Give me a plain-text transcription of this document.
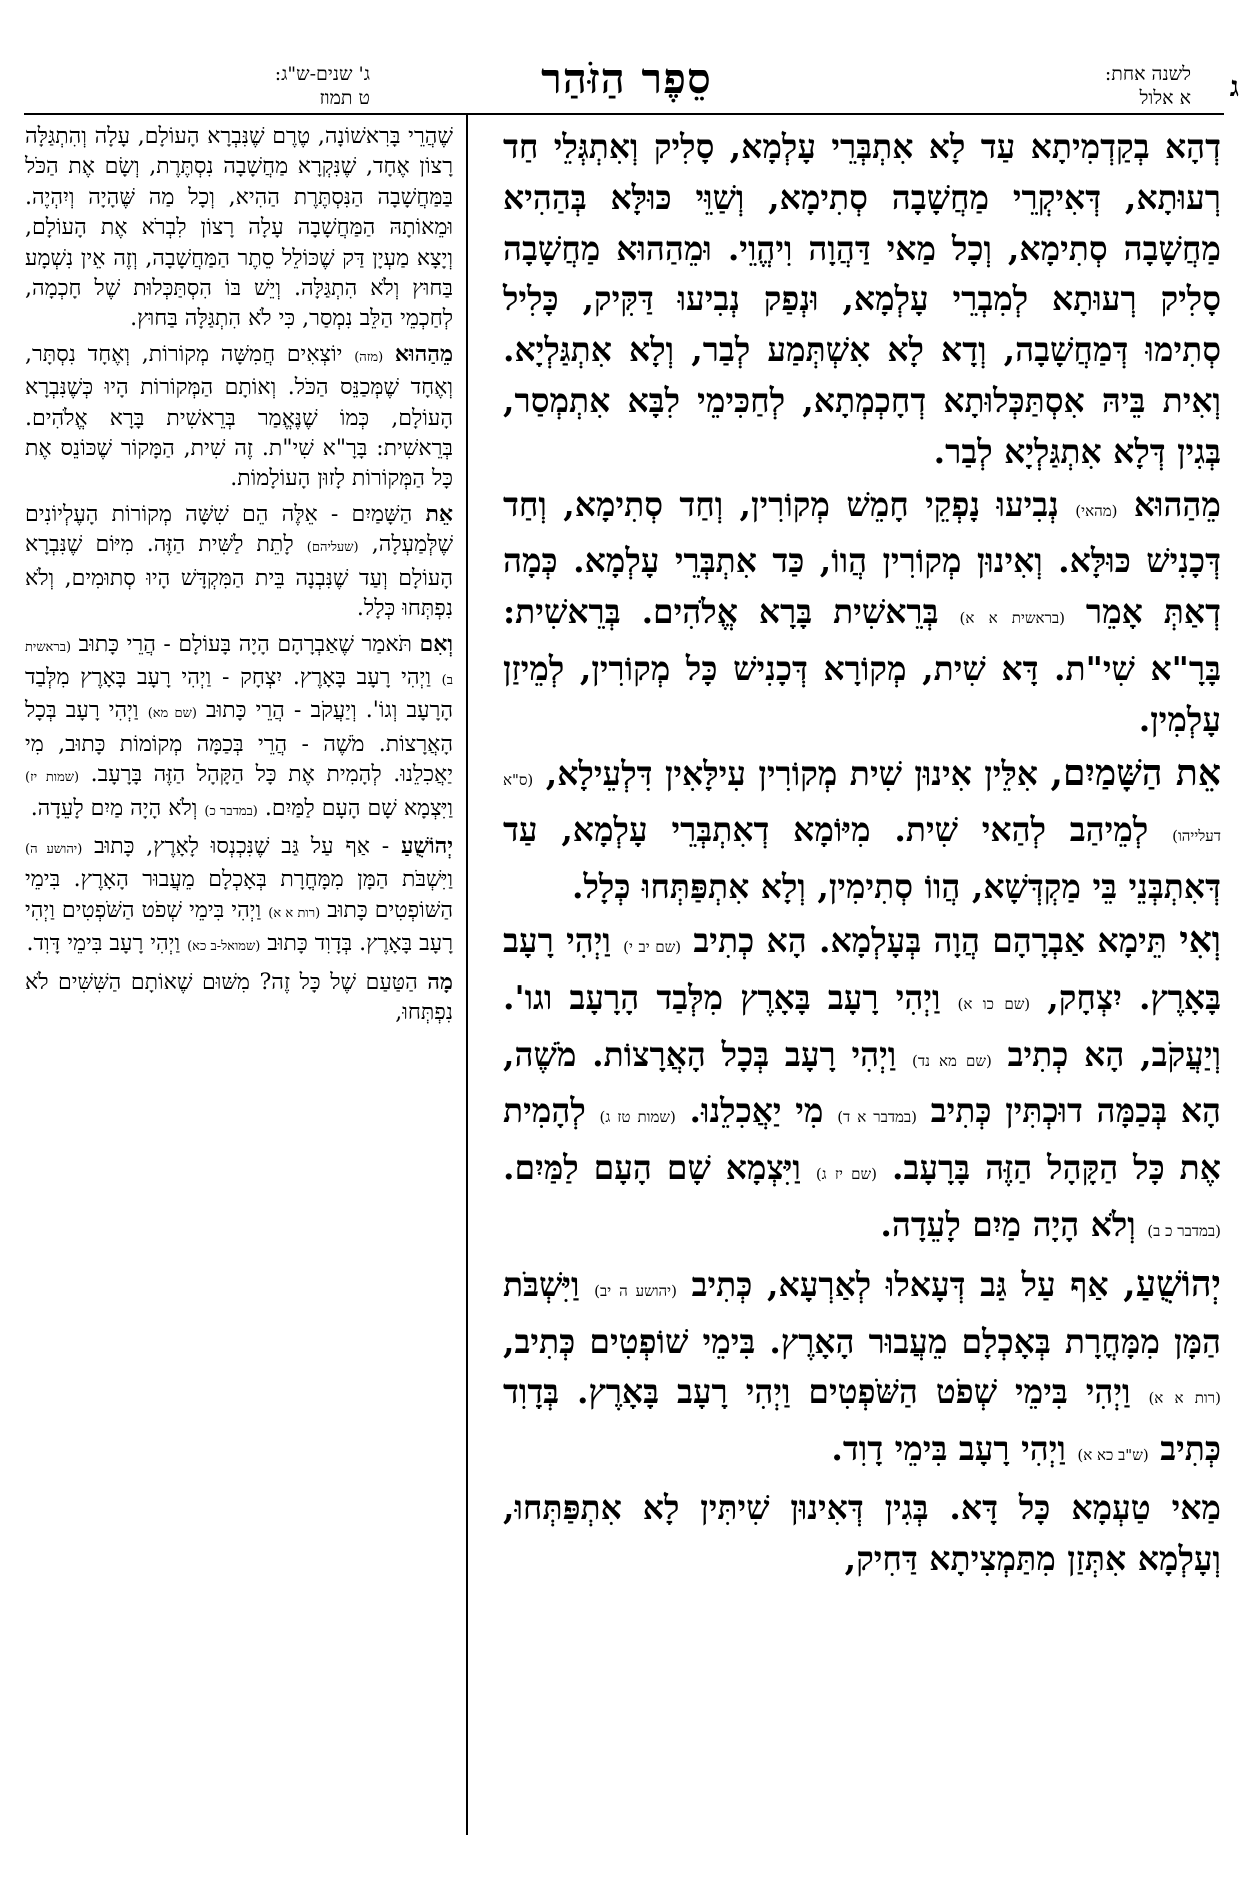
ג
לשנה אחת:
א אלול
סֵפֶר הַזֹּהַר
ג' שנים-ש"ג:
ט תמוז

דְהָא בְקַדְמִיתָא עַד לָא אִתְבְּרֵי עָלְמָא, סָלִיק וְאִתְגְּלֵי חַד רְעוּתָא, דְּאִיקְרֵי מַחֲשָׁבָה סְתִימָא, וְשַׁוֵּי כּוּלָּא בְּהַהִיא מַחֲשָׁבָה סְתִימָא, וְכָל מַאי דַּהֲוָה וִיהֱוֵי. וּמֵהַהוּא מַחֲשָׁבָה סָלִיק רְעוּתָא לְמִבְרֵי עָלְמָא, וּנְפַק נְבִיעוּ דַּקִּיק, כָּלִיל סְתִימוּ דְּמַחֲשָׁבָה, וְדָא לָא אִשְׁתְּמַע לְבַר, וְלָא אִתְגַּלְיָא. וְאִית בֵּיהּ אִסְתַּכְּלוּתָא דְחָכְמְתָא, לְחַכִּימֵי לִבָּא אִתְמְסַר, בְּגִין דְּלָא אִתְגַּלְיָא לְבַר.

מֵהַהוּא (מהאי) נְבִיעוּ נָפְקֵי חָמֵשׁ מְקוֹרִין, וְחַד סְתִימָא, וְחַד דְּכָנִישׁ כּוּלָּא. וְאִינוּן מְקוֹרִין הֲווֹ, כַּד אִתְבְּרֵי עָלְמָא. כְּמָה דְאַתְּ אָמֵר (בראשית א א) בְּרֵאשִׁית בָּרָא אֱלֹהִים. בְּרֵאשִׁית: בָּרָ"א שִׁי"ת. דָּא שִׁית, מְקוֹרָא דְּכָנִישׁ כָּל מְקוֹרִין, לְמֵיזַן עָלְמִין.

אֵת הַשָּׁמַיִם, אִלֵּין אִינוּן שִׁית מְקוֹרִין עִילָּאִין דִּלְעֵילָא, (ס"א דעלייהו) לְמֵיהַב לְהַאי שִׁית. מִיּוֹמָא דְאִתְבְּרֵי עָלְמָא, עַד דְּאִתְבְּנֵי בֵּי מַקְדְּשָׁא, הֲווֹ סְתִימִין, וְלָא אִתְפַּתְּחוּ כְּלָל.

וְאִי תֵּימָא אַבְרָהָם הֲוָה בְּעָלְמָא. הָא כְתִיב (שם יב י) וַיְהִי רָעָב בָּאָרֶץ. יִצְחָק, (שם כו א) וַיְהִי רָעָב בָּאָרֶץ מִלְּבַד הָרָעָב וגו'. וְיַעֲקֹב, הָא כְתִיב (שם מא נד) וַיְהִי רָעָב בְּכָל הָאֲרָצוֹת. מֹשֶׁה, הָא בְּכַמָּה דוּכְתִּין כְּתִיב (במדבר א ד) מִי יַאֲכִלֵנוּ. (שמות טז ג) לְהָמִית אֶת כָּל הַקָּהָל הַזֶּה בָּרָעָב. (שם יז ג) וַיִּצְמָא שָׁם הָעָם לַמַּיִם. (במדבר כ ב) וְלֹא הָיָה מַיִם לָעֵדָה.

יְהוֹשֻׁעַ, אַף עַל גַּב דְּעָאלוּ לְאַרְעָא, כְּתִיב (יהושע ה יב) וַיִּשְׁבֹּת הַמָּן מִמָּחֳרָת בְּאָכְלָם מֵעֲבוּר הָאָרֶץ. בִּימֵי שׁוֹפְטִים כְּתִיב, (רות א א) וַיְהִי בִּימֵי שְׁפֹט הַשֹּׁפְטִים וַיְהִי רָעָב בָּאָרֶץ. בְּדָוִד כְּתִיב (ש"ב כא א) וַיְהִי רָעָב בִּימֵי דָוִד.

מַאי טַעְמָא כָּל דָּא. בְּגִין דְּאִינוּן שִׁיתִּין לָא אִתְפַּתְּחוּ, וְעָלְמָא אִתְּזַן מִתַּמְצִיתָא דַּחִיק,

שֶׁהֲרֵי בָּרִאשׁוֹנָה, טֶרֶם שֶׁנִּבְרָא הָעוֹלָם, עָלָה וְהִתְגַּלָּה רָצוֹן אֶחָד, שֶׁנִּקְרָא מַחֲשָׁבָה נִסְתֶּרֶת, וְשָׂם אֶת הַכֹּל בַּמַּחֲשָׁבָה הַנִּסְתֶּרֶת הַהִיא, וְכָל מַה שֶּׁהָיָה וְיִהְיֶה. וּמֵאוֹתָהּ הַמַּחֲשָׁבָה עָלָה רָצוֹן לִבְרֹא אֶת הָעוֹלָם, וְיָצָא מַעְיָן דַּק שֶׁכּוֹלֵל סֵתֶר הַמַּחֲשָׁבָה, וְזֶה אֵין נִשְׁמָע בַּחוּץ וְלֹא הִתְגַּלָּה. וְיֵשׁ בּוֹ הִסְתַּכְּלוּת שֶׁל חָכְמָה, לְחַכְמֵי הַלֵּב נִמְסַר, כִּי לֹא הִתְגַּלָּה בַּחוּץ.

מֵהַהוּא (מזה) יוֹצְאִים חֲמִשָּׁה מְקוֹרוֹת, וְאֶחָד נִסְתָּר, וְאֶחָד שֶׁמְּכַנֵּס הַכֹּל. וְאוֹתָם הַמְּקוֹרוֹת הָיוּ כְּשֶׁנִּבְרָא הָעוֹלָם, כְּמוֹ שֶׁנֶּאֱמַר בְּרֵאשִׁית בָּרָא אֱלֹהִים. בְּרֵאשִׁית: בָּרָ"א שִׁי"ת. זֶה שִׁית, הַמָּקוֹר שֶׁכּוֹנֵס אֶת כָּל הַמְּקוֹרוֹת לָזוּן הָעוֹלָמוֹת.

אֵת הַשָּׁמַיִם - אֵלֶּה הֵם שִׁשָּׁה מְקוֹרוֹת הָעֶלְיוֹנִים שֶׁלְּמַעְלָה, (שעליהם) לָתֵת לַשִּׁית הַזֶּה. מִיּוֹם שֶׁנִּבְרָא הָעוֹלָם וְעַד שֶׁנִּבְנָה בֵּית הַמִּקְדָּשׁ הָיוּ סְתוּמִים, וְלֹא נִפְתְּחוּ כְּלָל.

וְאִם תֹּאמַר שֶׁאַבְרָהָם הָיָה בָּעוֹלָם - הֲרֵי כָּתוּב (בראשית ב) וַיְהִי רָעָב בָּאָרֶץ. יִצְחָק - וַיְהִי רָעָב בָּאָרֶץ מִלְּבַד הָרָעָב וְגוֹ'. וְיַעֲקֹב - הֲרֵי כָּתוּב (שם מא) וַיְהִי רָעָב בְּכָל הָאֲרָצוֹת. מֹשֶׁה - הֲרֵי בְּכַמָּה מְקוֹמוֹת כָּתוּב, מִי יַאֲכִלֵנוּ. לְהָמִית אֶת כָּל הַקָּהָל הַזֶּה בָּרָעָב. (שמות יז) וַיִּצְמָא שָׁם הָעָם לַמַּיִם. (במדבר כ) וְלֹא הָיָה מַיִם לָעֵדָה.

יְהוֹשֻׁעַ - אַף עַל גַּב שֶׁנִּכְנְסוּ לָאָרֶץ, כָּתוּב (יהושע ה) וַיִּשְׁבֹּת הַמָּן מִמָּחֳרָת בְּאָכְלָם מֵעֲבוּר הָאָרֶץ. בִּימֵי הַשּׁוֹפְטִים כָּתוּב (רות א א) וַיְהִי בִּימֵי שְׁפֹט הַשֹּׁפְטִים וַיְהִי רָעָב בָּאָרֶץ. בְּדָוִד כָּתוּב (שמואל-ב כא) וַיְהִי רָעָב בִּימֵי דָּוִד.

מָה הַטַּעַם שֶׁל כָּל זֶה? מִשּׁוּם שֶׁאוֹתָם הַשִּׁשִּׁים לֹא נִפְתְּחוּ,
